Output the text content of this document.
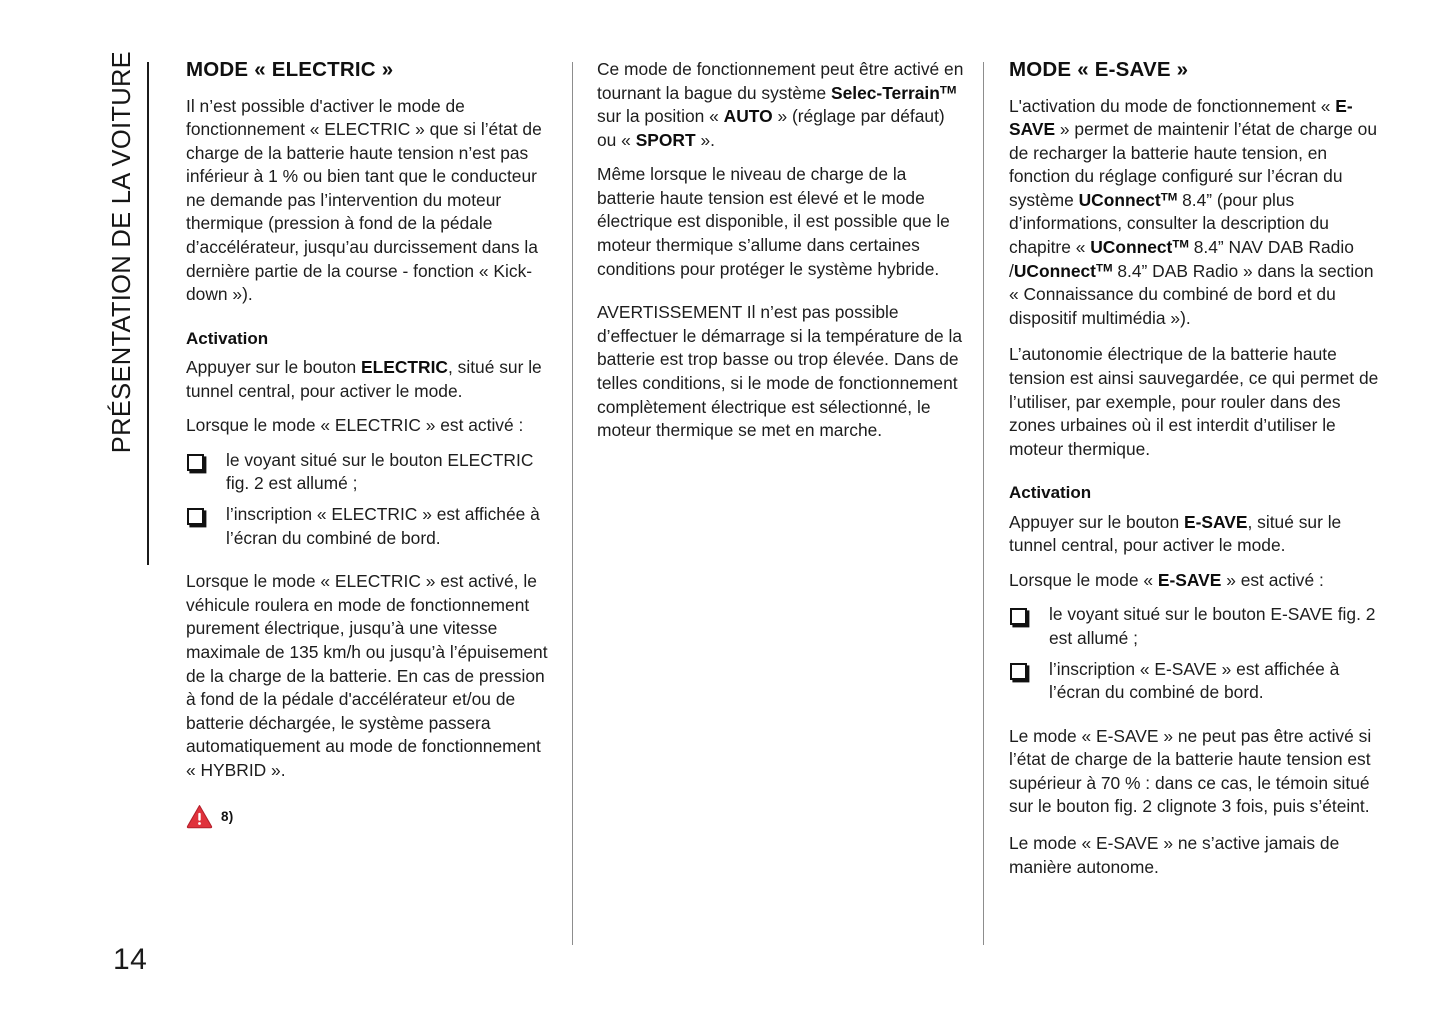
PRÉSENTATION DE LA VOITURE MODE « ELECTRIC »

Il n’est possible d'activer le mode de fonctionnement « ELECTRIC » que si l’état de charge de la batterie haute tension n’est pas inférieur à 1 % ou bien tant que le conducteur ne demande pas l’intervention du moteur thermique (pression à fond de la pédale d’accélérateur, jusqu’au durcissement dans la dernière partie de la course - fonction « Kick-down »).

Activation

Appuyer sur le bouton ELECTRIC, situé sur le tunnel central, pour activer le mode.

Lorsque le mode « ELECTRIC » est activé :

le voyant situé sur le bouton ELECTRIC fig. 2 est allumé ;
l’inscription « ELECTRIC » est affichée à l’écran du combiné de bord.

Lorsque le mode « ELECTRIC » est activé, le véhicule roulera en mode de fonctionnement purement électrique, jusqu’à une vitesse maximale de 135 km/h ou jusqu’à l’épuisement de la charge de la batterie. En cas de pression à fond de la pédale d'accélérateur et/ou de batterie déchargée, le système passera automatiquement au mode de fonctionnement « HYBRID ».

8)

Ce mode de fonctionnement peut être activé en tournant la bague du système Selec-Terrain™ sur la position « AUTO » (réglage par défaut) ou « SPORT ».

Même lorsque le niveau de charge de la batterie haute tension est élevé et le mode électrique est disponible, il est possible que le moteur thermique s’allume dans certaines conditions pour protéger le système hybride.

AVERTISSEMENT Il n’est pas possible d’effectuer le démarrage si la température de la batterie est trop basse ou trop élevée. Dans de telles conditions, si le mode de fonctionnement complètement électrique est sélectionné, le moteur thermique se met en marche.

MODE « E-SAVE »

L'activation du mode de fonctionnement « E-SAVE » permet de maintenir l’état de charge ou de recharger la batterie haute tension, en fonction du réglage configuré sur l’écran du système UConnect™ 8.4” (pour plus d’informations, consulter la description du chapitre « UConnect™ 8.4” NAV DAB Radio /UConnect™ 8.4” DAB Radio » dans la section « Connaissance du combiné de bord et du dispositif multimédia »).

L’autonomie électrique de la batterie haute tension est ainsi sauvegardée, ce qui permet de l’utiliser, par exemple, pour rouler dans des zones urbaines où il est interdit d’utiliser le moteur thermique.

Activation

Appuyer sur le bouton E-SAVE, situé sur le tunnel central, pour activer le mode.

Lorsque le mode « E-SAVE » est activé :

le voyant situé sur le bouton E-SAVE fig. 2 est allumé ;
l’inscription « E-SAVE » est affichée à l’écran du combiné de bord.

Le mode « E-SAVE » ne peut pas être activé si l’état de charge de la batterie haute tension est supérieur à 70 % : dans ce cas, le témoin situé sur le bouton fig. 2 clignote 3 fois, puis s’éteint.

Le mode « E-SAVE » ne s’active jamais de manière autonome.

14
